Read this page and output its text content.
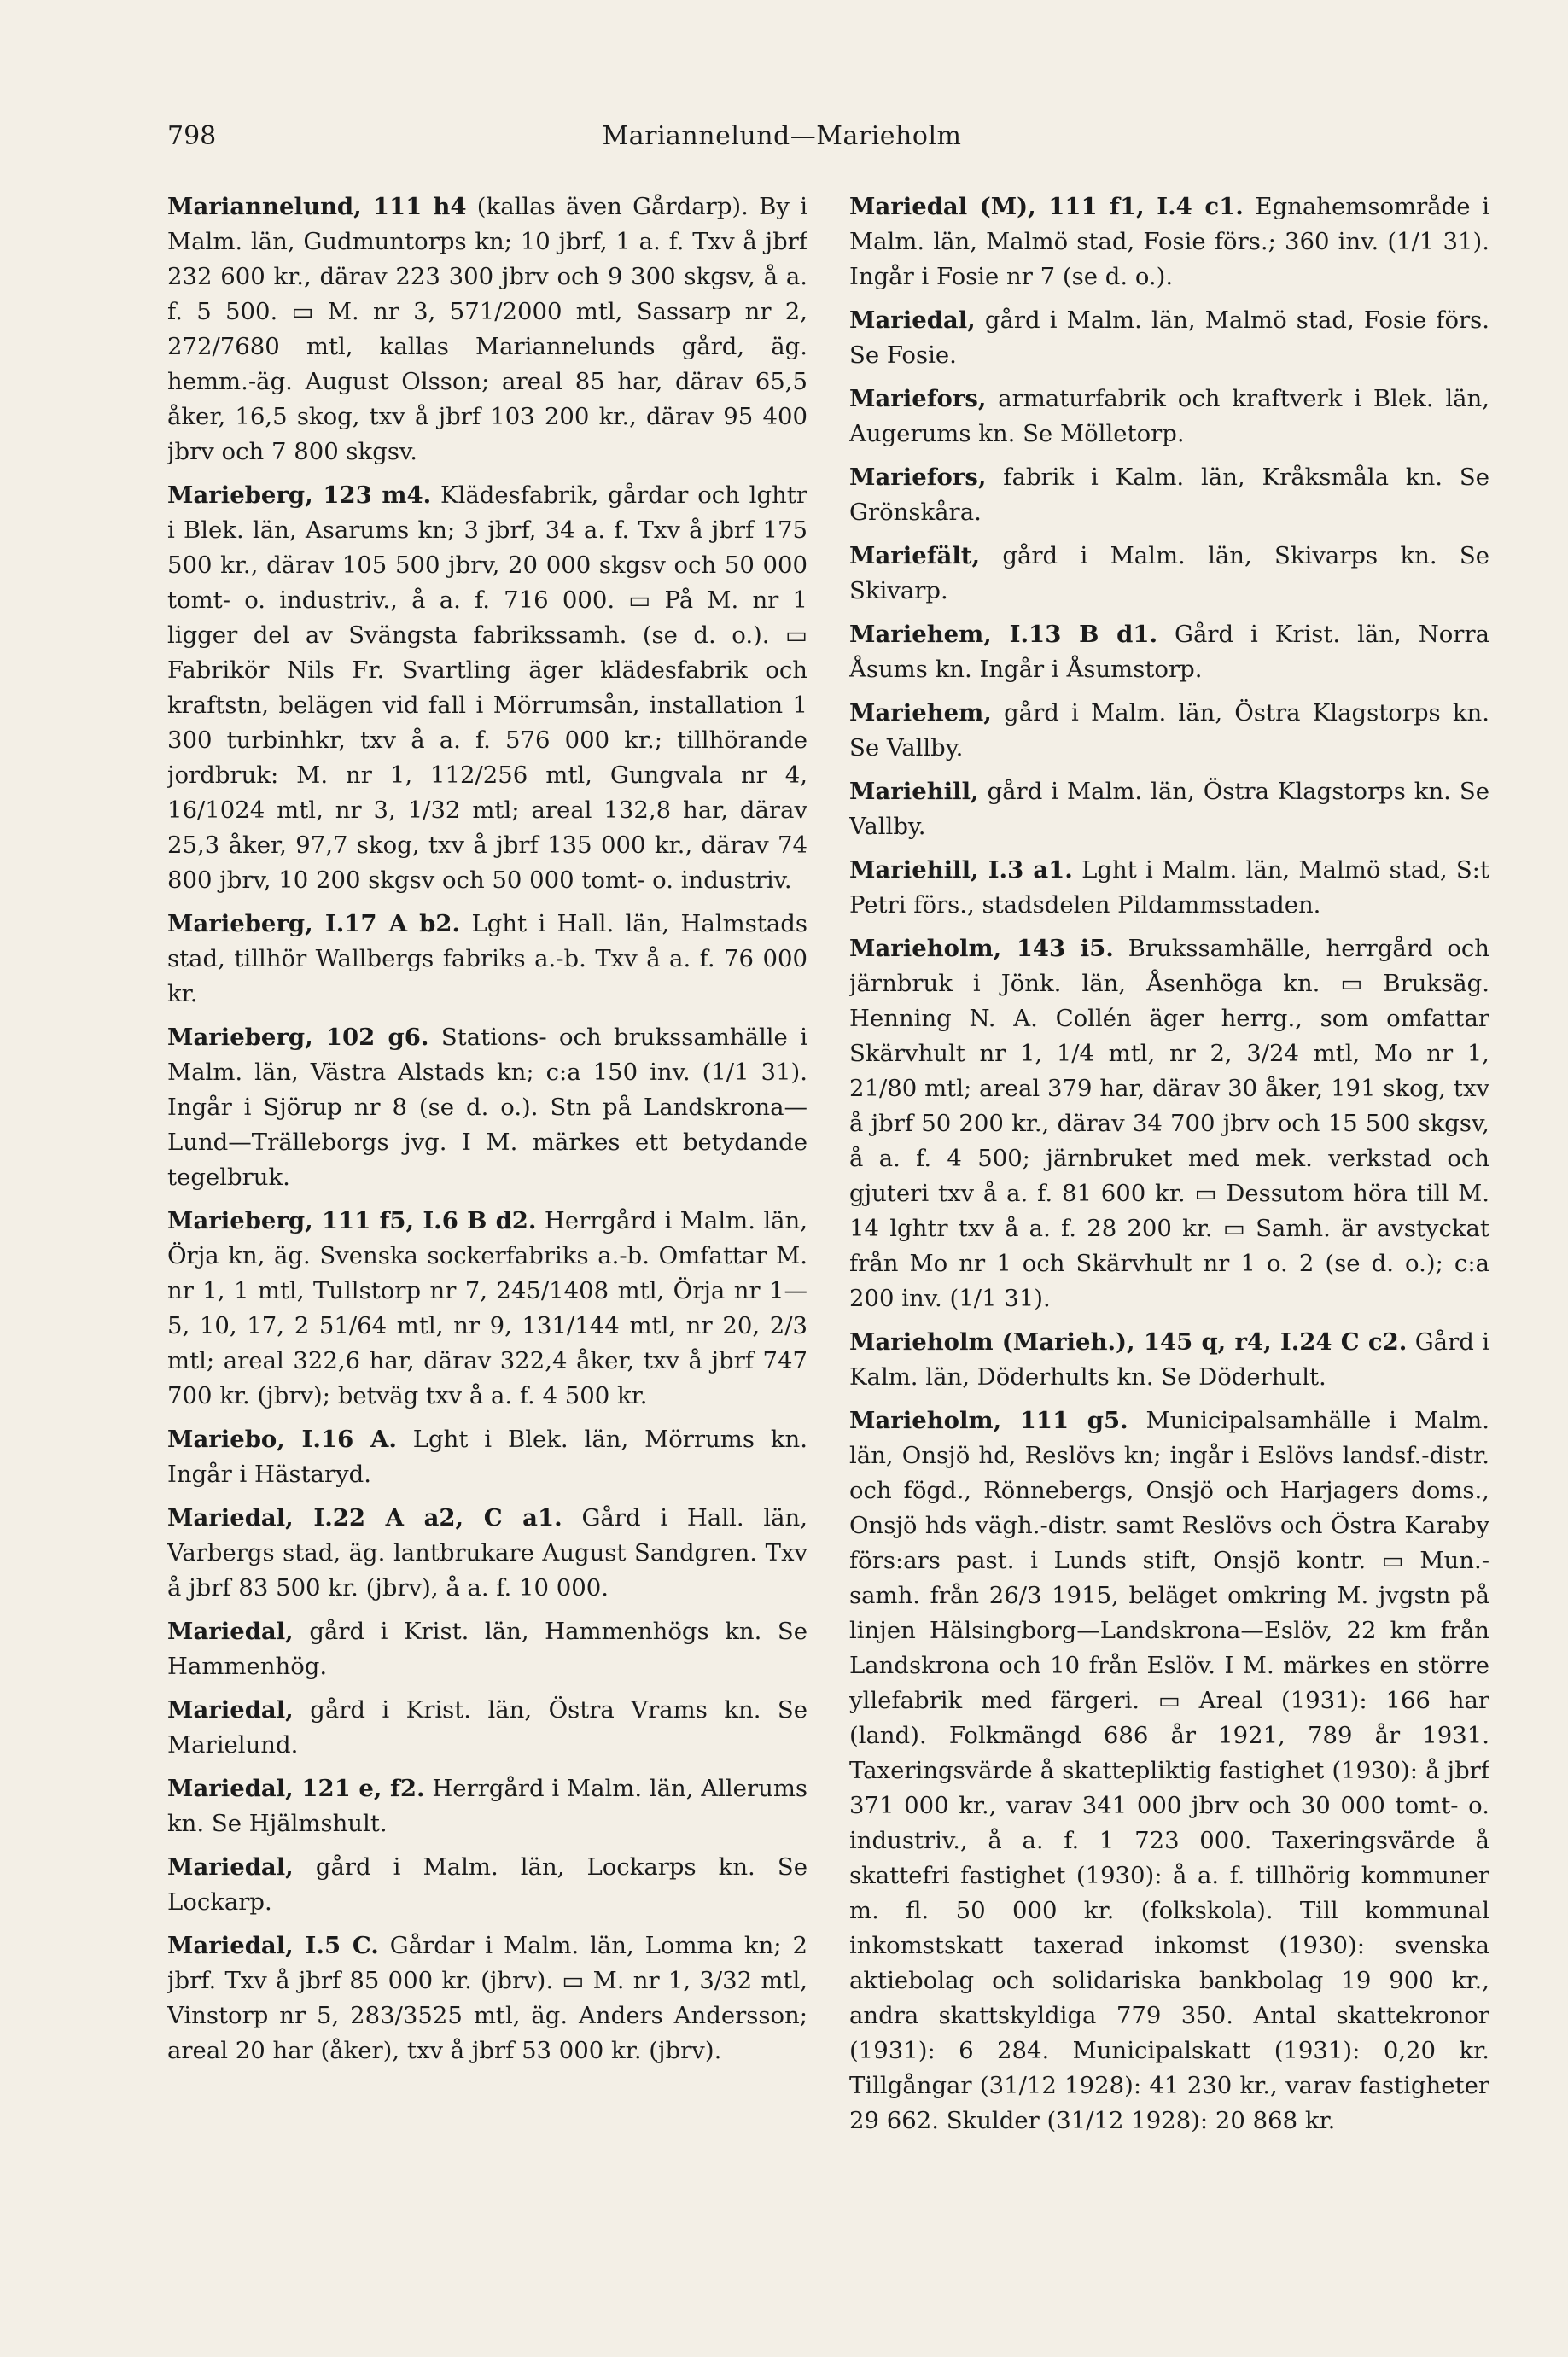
798	Mariannelund—Marieholm

Mariannelund, 111 h4 (kallas även Gårdarp). By i Malm. län, Gudmuntorps kn; 10 jbrf, 1 a. f. Txv å jbrf 232 600 kr., därav 223 300 jbrv och 9 300 skgsv, å a. f. 5 500. ▭ M. nr 3, 571/2000 mtl, Sassarp nr 2, 272/7680 mtl, kallas Mariannelunds gård, äg. hemm.-äg. August Olsson; areal 85 har, därav 65,5 åker, 16,5 skog, txv å jbrf 103 200 kr., därav 95 400 jbrv och 7 800 skgsv.

Marieberg, 123 m4. Klädesfabrik, gårdar och lghtr i Blek. län, Asarums kn; 3 jbrf, 34 a. f. Txv å jbrf 175 500 kr., därav 105 500 jbrv, 20 000 skgsv och 50 000 tomt- o. industriv., å a. f. 716 000. ▭ På M. nr 1 ligger del av Svängsta fabrikssamh. (se d. o.). ▭ Fabrikör Nils Fr. Svartling äger klädesfabrik och kraftstn, belägen vid fall i Mörrumsån, installation 1 300 turbinhkr, txv å a. f. 576 000 kr.; tillhörande jordbruk: M. nr 1, 112/256 mtl, Gungvala nr 4, 16/1024 mtl, nr 3, 1/32 mtl; areal 132,8 har, därav 25,3 åker, 97,7 skog, txv å jbrf 135 000 kr., därav 74 800 jbrv, 10 200 skgsv och 50 000 tomt- o. industriv.

Marieberg, I.17 A b2. Lght i Hall. län, Halmstads stad, tillhör Wallbergs fabriks a.-b. Txv å a. f. 76 000 kr.

Marieberg, 102 g6. Stations- och brukssamhälle i Malm. län, Västra Alstads kn; c:a 150 inv. (1/1 31). Ingår i Sjörup nr 8 (se d. o.). Stn på Landskrona—Lund—Trälleborgs jvg. I M. märkes ett betydande tegelbruk.

Marieberg, 111 f5, I.6 B d2. Herrgård i Malm. län, Örja kn, äg. Svenska sockerfabriks a.-b. Omfattar M. nr 1, 1 mtl, Tullstorp nr 7, 245/1408 mtl, Örja nr 1—5, 10, 17, 2 51/64 mtl, nr 9, 131/144 mtl, nr 20, 2/3 mtl; areal 322,6 har, därav 322,4 åker, txv å jbrf 747 700 kr. (jbrv); betväg txv å a. f. 4 500 kr.

Mariebo, I.16 A. Lght i Blek. län, Mörrums kn. Ingår i Hästaryd.

Mariedal, I.22 A a2, C a1. Gård i Hall. län, Varbergs stad, äg. lantbrukare August Sandgren. Txv å jbrf 83 500 kr. (jbrv), å a. f. 10 000.

Mariedal, gård i Krist. län, Hammenhögs kn. Se Hammenhög.

Mariedal, gård i Krist. län, Östra Vrams kn. Se Marielund.

Mariedal, 121 e, f2. Herrgård i Malm. län, Allerums kn. Se Hjälmshult.

Mariedal, gård i Malm. län, Lockarps kn. Se Lockarp.

Mariedal, I.5 C. Gårdar i Malm. län, Lomma kn; 2 jbrf. Txv å jbrf 85 000 kr. (jbrv). ▭ M. nr 1, 3/32 mtl, Vinstorp nr 5, 283/3525 mtl, äg. Anders Andersson; areal 20 har (åker), txv å jbrf 53 000 kr. (jbrv).

Mariedal (M), 111 f1, I.4 c1. Egnahemsområde i Malm. län, Malmö stad, Fosie förs.; 360 inv. (1/1 31). Ingår i Fosie nr 7 (se d. o.).

Mariedal, gård i Malm. län, Malmö stad, Fosie förs. Se Fosie.

Mariefors, armaturfabrik och kraftverk i Blek. län, Augerums kn. Se Mölletorp.

Mariefors, fabrik i Kalm. län, Kråksmåla kn. Se Grönskåra.

Mariefält, gård i Malm. län, Skivarps kn. Se Skivarp.

Mariehem, I.13 B d1. Gård i Krist. län, Norra Åsums kn. Ingår i Åsumstorp.

Mariehem, gård i Malm. län, Östra Klagstorps kn. Se Vallby.

Mariehill, gård i Malm. län, Östra Klagstorps kn. Se Vallby.

Mariehill, I.3 a1. Lght i Malm. län, Malmö stad, S:t Petri förs., stadsdelen Pildammsstaden.

Marieholm, 143 i5. Brukssamhälle, herrgård och järnbruk i Jönk. län, Åsenhöga kn. ▭ Bruksäg. Henning N. A. Collén äger herrg., som omfattar Skärvhult nr 1, 1/4 mtl, nr 2, 3/24 mtl, Mo nr 1, 21/80 mtl; areal 379 har, därav 30 åker, 191 skog, txv å jbrf 50 200 kr., därav 34 700 jbrv och 15 500 skgsv, å a. f. 4 500; järnbruket med mek. verkstad och gjuteri txv å a. f. 81 600 kr. ▭ Dessutom höra till M. 14 lghtr txv å a. f. 28 200 kr. ▭ Samh. är avstyckat från Mo nr 1 och Skärvhult nr 1 o. 2 (se d. o.); c:a 200 inv. (1/1 31).

Marieholm (Marieh.), 145 q, r4, I.24 C c2. Gård i Kalm. län, Döderhults kn. Se Döderhult.

Marieholm, 111 g5. Municipalsamhälle i Malm. län, Onsjö hd, Reslövs kn; ingår i Eslövs landsf.-distr. och fögd., Rönnebergs, Onsjö och Harjagers doms., Onsjö hds vägh.-distr. samt Reslövs och Östra Karaby förs:ars past. i Lunds stift, Onsjö kontr. ▭ Mun.-samh. från 26/3 1915, beläget omkring M. jvgstn på linjen Hälsingborg—Landskrona—Eslöv, 22 km från Landskrona och 10 från Eslöv. I M. märkes en större yllefabrik med färgeri. ▭ Areal (1931): 166 har (land). Folkmängd 686 år 1921, 789 år 1931. Taxeringsvärde å skattepliktig fastighet (1930): å jbrf 371 000 kr., varav 341 000 jbrv och 30 000 tomt- o. industriv., å a. f. 1 723 000. Taxeringsvärde å skattefri fastighet (1930): å a. f. tillhörig kommuner m. fl. 50 000 kr. (folkskola). Till kommunal inkomstskatt taxerad inkomst (1930): svenska aktiebolag och solidariska bankbolag 19 900 kr., andra skattskyldiga 779 350. Antal skattekronor (1931): 6 284. Municipalskatt (1931): 0,20 kr. Tillgångar (31/12 1928): 41 230 kr., varav fastigheter 29 662. Skulder (31/12 1928): 20 868 kr.
